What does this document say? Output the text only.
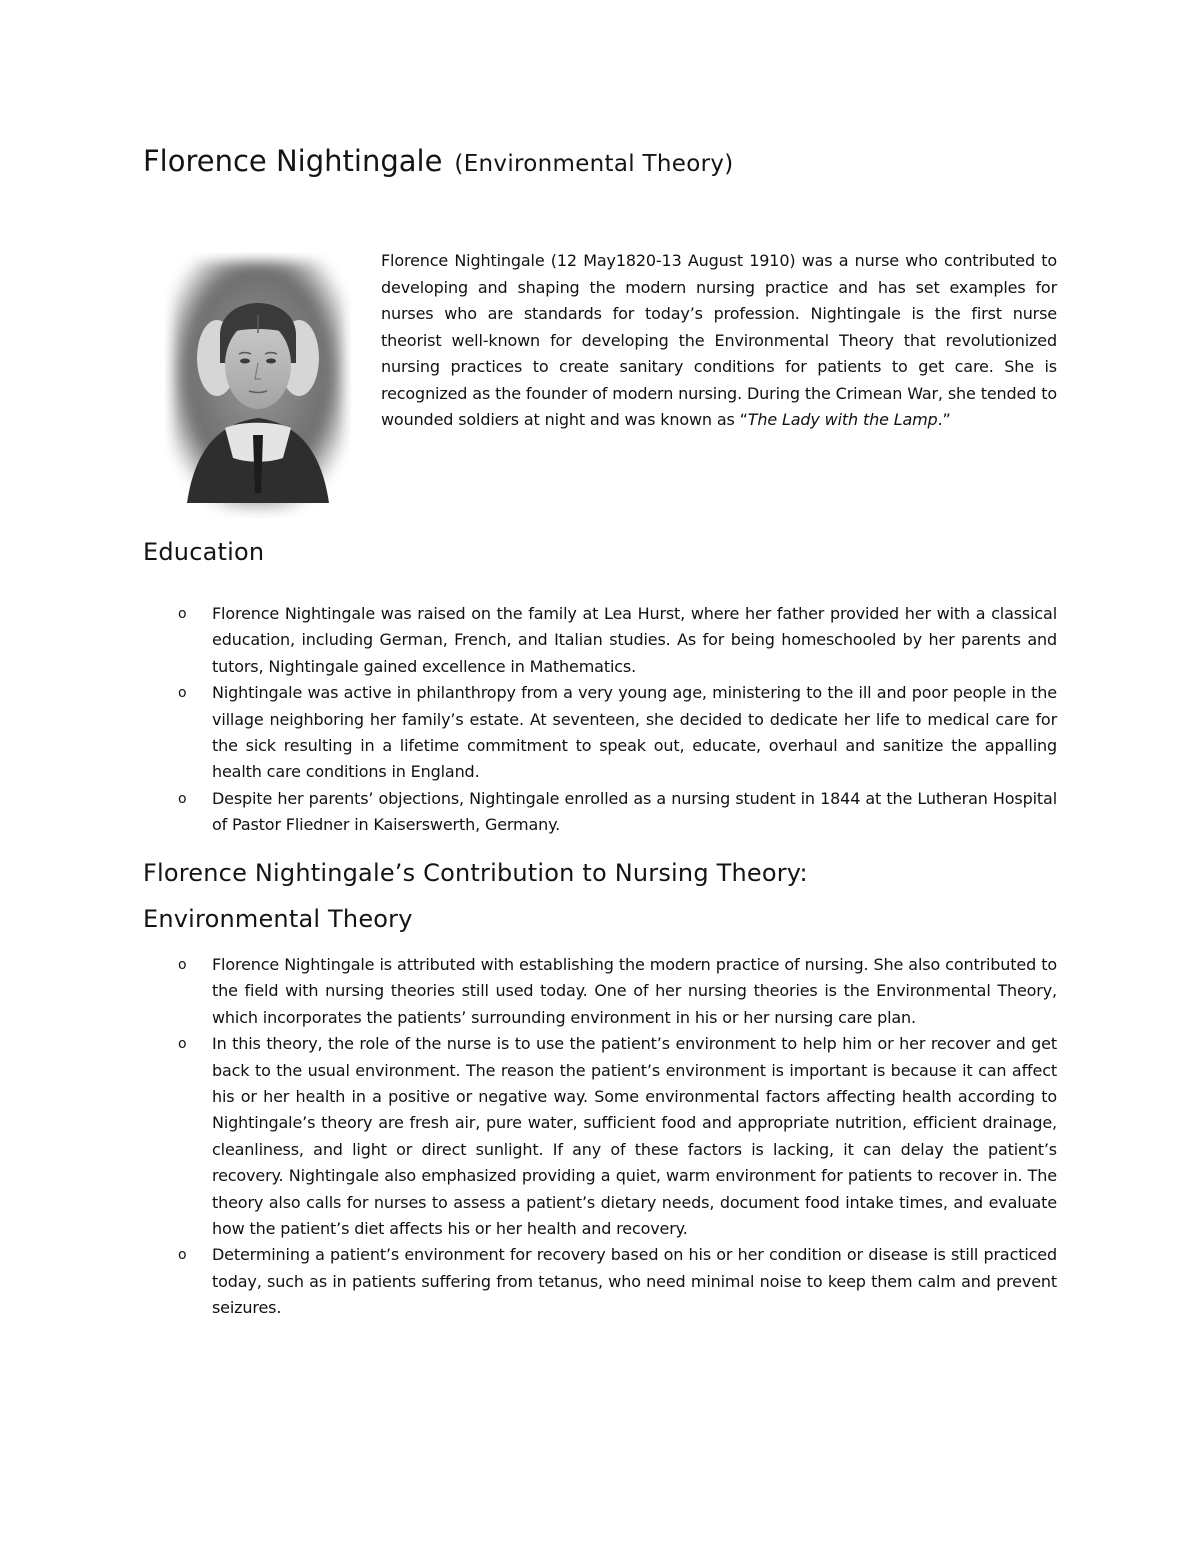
Florence Nightingale (Environmental Theory)
Florence Nightingale (12 May1820-13 August 1910) was a nurse who contributed to developing and shaping the modern nursing practice and has set examples for nurses who are standards for today’s profession. Nightingale is the first nurse theorist well-known for developing the Environmental Theory that revolutionized nursing practices to create sanitary conditions for patients to get care. She is recognized as the founder of modern nursing. During the Crimean War, she tended to wounded soldiers at night and was known as “The Lady with the Lamp.”
Education
o Florence Nightingale was raised on the family at Lea Hurst, where her father provided her with a classical education, including German, French, and Italian studies. As for being homeschooled by her parents and tutors, Nightingale gained excellence in Mathematics.
o Nightingale was active in philanthropy from a very young age, ministering to the ill and poor people in the village neighboring her family’s estate. At seventeen, she decided to dedicate her life to medical care for the sick resulting in a lifetime commitment to speak out, educate, overhaul and sanitize the appalling health care conditions in England.
o Despite her parents’ objections, Nightingale enrolled as a nursing student in 1844 at the Lutheran Hospital of Pastor Fliedner in Kaiserswerth, Germany.
Florence Nightingale’s Contribution to Nursing Theory:
Environmental Theory
o Florence Nightingale is attributed with establishing the modern practice of nursing. She also contributed to the field with nursing theories still used today. One of her nursing theories is the Environmental Theory, which incorporates the patients’ surrounding environment in his or her nursing care plan.
o In this theory, the role of the nurse is to use the patient’s environment to help him or her recover and get back to the usual environment. The reason the patient’s environment is important is because it can affect his or her health in a positive or negative way. Some environmental factors affecting health according to Nightingale’s theory are fresh air, pure water, sufficient food and appropriate nutrition, efficient drainage, cleanliness, and light or direct sunlight. If any of these factors is lacking, it can delay the patient’s recovery. Nightingale also emphasized providing a quiet, warm environment for patients to recover in. The theory also calls for nurses to assess a patient’s dietary needs, document food intake times, and evaluate how the patient’s diet affects his or her health and recovery.
o Determining a patient’s environment for recovery based on his or her condition or disease is still practiced today, such as in patients suffering from tetanus, who need minimal noise to keep them calm and prevent seizures.
